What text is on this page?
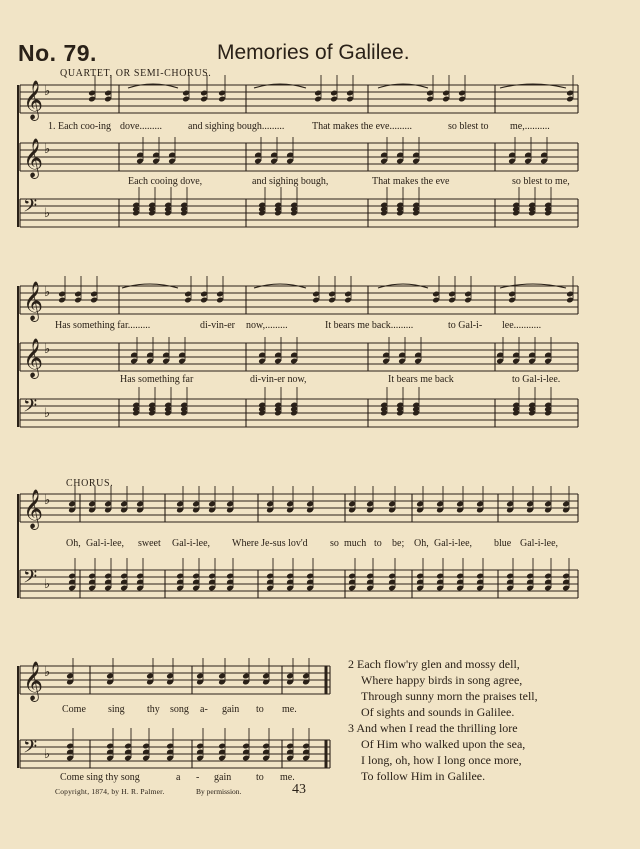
No. 79.	Memories of Galilee.
QUARTET, OR SEMI-CHORUS.
CHORUS.
1. Each coo-ing dove.........	and sighing bough.........	That makes the eve.........	so blest to me,..........
Each cooing dove,	and sighing bough,	That makes the eve	so blest to me,
Has something far.........	di-vin-er now,.........	It bears me back.........	to Gal-i- lee...........
Has something far	di-vin-er now,	It bears me back	to Gal-i-lee.
Oh, Gal-i-lee, sweet Gal-i-lee, Where Je-sus lov'd so much to be; Oh, Gal-i-lee, blue Gal-i-lee,
Come sing thy song a- gain to me.
Come sing thy song	a - gain to me.
2 Each flow'ry glen and mossy dell,
Where happy birds in song agree,
Through sunny morn the praises tell,
Of sights and sounds in Galilee.
3 And when I read the thrilling lore
Of Him who walked upon the sea,
I long, oh, how I long once more,
To follow Him in Galilee.
Copyright, 1874, by H. R. Palmer.	By permission.	43
𝄞 ♭
𝄞 ♭
𝄢 ♭
𝄞 ♭
𝄞 ♭
𝄢 ♭
𝄞 ♭
𝄢 ♭
𝄞 ♭
𝄢 ♭
